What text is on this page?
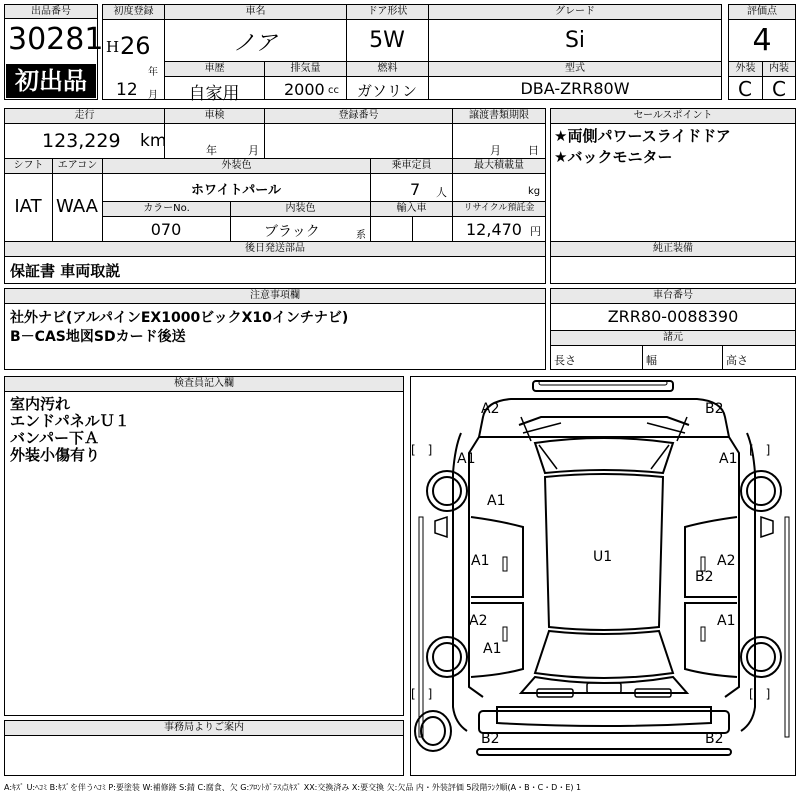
出品番号
30281
初出品
初度登録
H 26
年
12 月
車名
ノア
ドア形状
5W
グレード
Si
車歴
自家用
排気量
2000 cc
燃料
ガソリン
型式
DBA-ZRR80W
評価点
4
外装	内装
C	C
走行
123,229 km
車検
年	月
登録番号	譲渡書類期限
月 日
シフト
IAT
エアコン
WAA
外装色
ホワイトパール
乗車定員
7 人
最大積載量
kg
カラーNo.
070
内装色
ブラック	系
輸入車	リサイクル預託金
12,470 円
後日発送部品
保証書 車両取説
セールスポイント
★両側パワースライドドア
★バックモニター
純正装備
注意事項欄
社外ナビ(アルパインEX1000ビックX10インチナビ)
B－CAS地図SDカード後送
車台番号
ZRR80-0088390
諸元
長さ	幅	高さ
検査員記入欄
室内汚れ
エンドパネルＵ１
バンパー下Ａ
外装小傷有り
事務局よりご案内
A2	B2
A1	A1
[　]	[　]
A1
U1
A1	A2
B2
A2	A1
A1
[　]	[　]
B2	B2
A:ｷｽﾞ U:ﾍｺﾐ B:ｷｽﾞを伴うﾍｺﾐ P:要塗装 W:補修跡 S:錆 C:腐食、欠 G:ﾌﾛﾝﾄｶﾞﾗｽ点ｷｽﾞ XX:交換済み X:要交換 欠:欠品 内・外装評価 5段階ﾗﾝｸ順(A・B・C・D・E) 1
